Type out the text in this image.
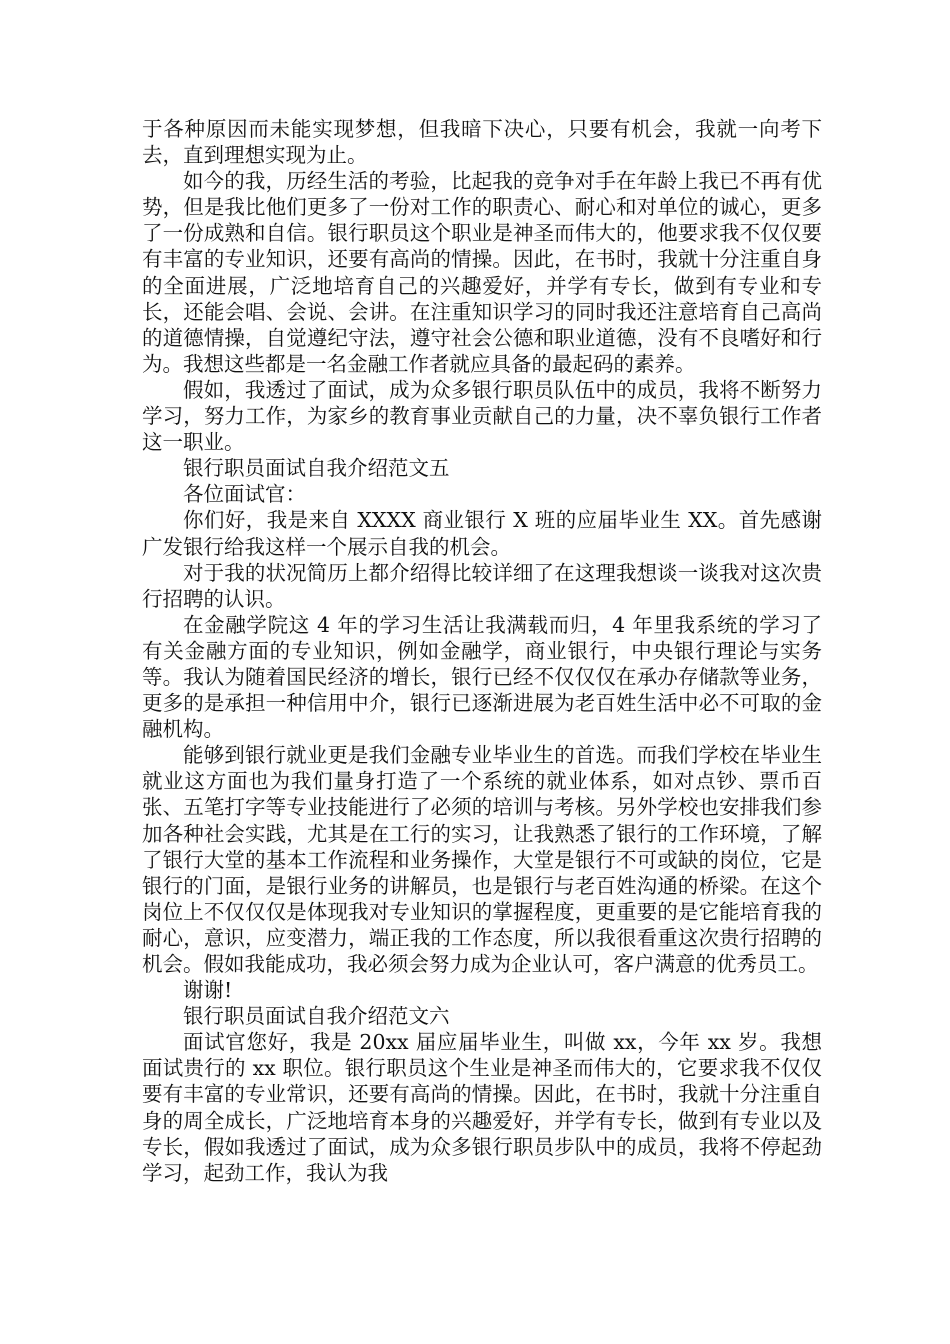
于各种原因而未能实现梦想，但我暗下决心，只要有机会，我就一向考下去，直到理想实现为止。

如今的我，历经生活的考验，比起我的竞争对手在年龄上我已不再有优势，但是我比他们更多了一份对工作的职责心、耐心和对单位的诚心，更多了一份成熟和自信。银行职员这个职业是神圣而伟大的，他要求我不仅仅要有丰富的专业知识，还要有高尚的情操。因此，在书时，我就十分注重自身的全面进展，广泛地培育自己的兴趣爱好，并学有专长，做到有专业和专长，还能会唱、会说、会讲。在注重知识学习的同时我还注意培育自己高尚的道德情操，自觉遵纪守法，遵守社会公德和职业道德，没有不良嗜好和行为。我想这些都是一名金融工作者就应具备的最起码的素养。

假如，我透过了面试，成为众多银行职员队伍中的成员，我将不断努力学习，努力工作，为家乡的教育事业贡献自己的力量，决不辜负银行工作者这一职业。

银行职员面试自我介绍范文五

各位面试官：

你们好，我是来自 XXXX 商业银行 X 班的应届毕业生 XX。首先感谢广发银行给我这样一个展示自我的机会。

对于我的状况简历上都介绍得比较详细了在这理我想谈一谈我对这次贵行招聘的认识。

在金融学院这 4 年的学习生活让我满载而归，4 年里我系统的学习了有关金融方面的专业知识，例如金融学，商业银行，中央银行理论与实务等。我认为随着国民经济的增长，银行已经不仅仅仅在承办存储款等业务，更多的是承担一种信用中介，银行已逐渐进展为老百姓生活中必不可取的金融机构。

能够到银行就业更是我们金融专业毕业生的首选。而我们学校在毕业生就业这方面也为我们量身打造了一个系统的就业体系，如对点钞、票币百张、五笔打字等专业技能进行了必须的培训与考核。另外学校也安排我们参加各种社会实践，尤其是在工行的实习，让我熟悉了银行的工作环境，了解了银行大堂的基本工作流程和业务操作，大堂是银行不可或缺的岗位，它是银行的门面，是银行业务的讲解员，也是银行与老百姓沟通的桥梁。在这个岗位上不仅仅仅是体现我对专业知识的掌握程度，更重要的是它能培育我的耐心，意识，应变潜力，端正我的工作态度，所以我很看重这次贵行招聘的机会。假如我能成功，我必须会努力成为企业认可，客户满意的优秀员工。

谢谢!

银行职员面试自我介绍范文六

面试官您好，我是 20xx 届应届毕业生，叫做 xx，今年 xx 岁。我想面试贵行的 xx 职位。银行职员这个生业是神圣而伟大的，它要求我不仅仅要有丰富的专业常识，还要有高尚的情操。因此，在书时，我就十分注重自身的周全成长，广泛地培育本身的兴趣爱好，并学有专长，做到有专业以及专长，假如我透过了面试，成为众多银行职员步队中的成员，我将不停起劲学习，起劲工作，我认为我
